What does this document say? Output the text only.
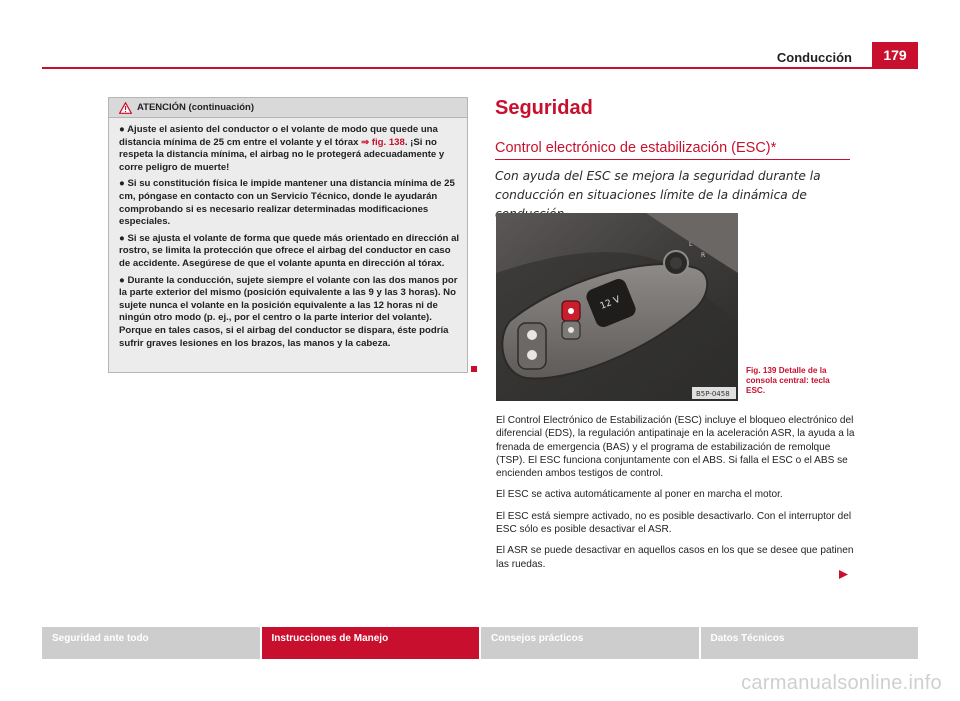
Conducción	179
ATENCIÓN (continuación)

● Ajuste el asiento del conductor o el volante de modo que quede una distancia mínima de 25 cm entre el volante y el tórax ⇒ fig. 138. ¡Si no respeta la distancia mínima, el airbag no le protegerá adecuadamente y corre peligro de muerte!

● Si su constitución física le impide mantener una distancia mínima de 25 cm, póngase en contacto con un Servicio Técnico, donde le ayudarán comprobando si es necesario realizar determinadas modificaciones especiales.

● Si se ajusta el volante de forma que quede más orientado en dirección al rostro, se limita la protección que ofrece el airbag del conductor en caso de accidente. Asegúrese de que el volante apunta en dirección al tórax.

● Durante la conducción, sujete siempre el volante con las dos manos por la parte exterior del mismo (posición equivalente a las 9 y las 3 horas). No sujete nunca el volante en la posición equivalente a las 12 horas ni de ningún otro modo (p. ej., por el centro o la parte interior del volante). Porque en tales casos, si el airbag del conductor se dispara, éste podría sufrir graves lesiones en los brazos, las manos y la cabeza.

Seguridad
Control electrónico de estabilización (ESC)*
Con ayuda del ESC se mejora la seguridad durante la conducción en situaciones límite de la dinámica de
12 V
L
R
B5P-0458
Fig. 139 Detalle de la consola central: tecla ESC.

El Control Electrónico de Estabilización (ESC) incluye el bloqueo electrónico del diferencial (EDS), la regulación antipatinaje en la aceleración ASR, la ayuda a la frenada de emergencia (BAS) y el programa de estabilización de remolque (TSP). El ESC funciona conjuntamente con el ABS. Si falla el ESC o el ABS se encienden ambos testigos de control.

El ESC se activa automáticamente al poner en marcha el motor.

El ESC está siempre activado, no es posible desactivarlo. Con el interruptor del ESC sólo es posible desactivar el ASR.

El ASR se puede desactivar en aquellos casos en los que se desee que patinen las ruedas.

Seguridad ante todo	Instrucciones de Manejo	Consejos prácticos	Datos Técnicos
carmanualsonline.info
